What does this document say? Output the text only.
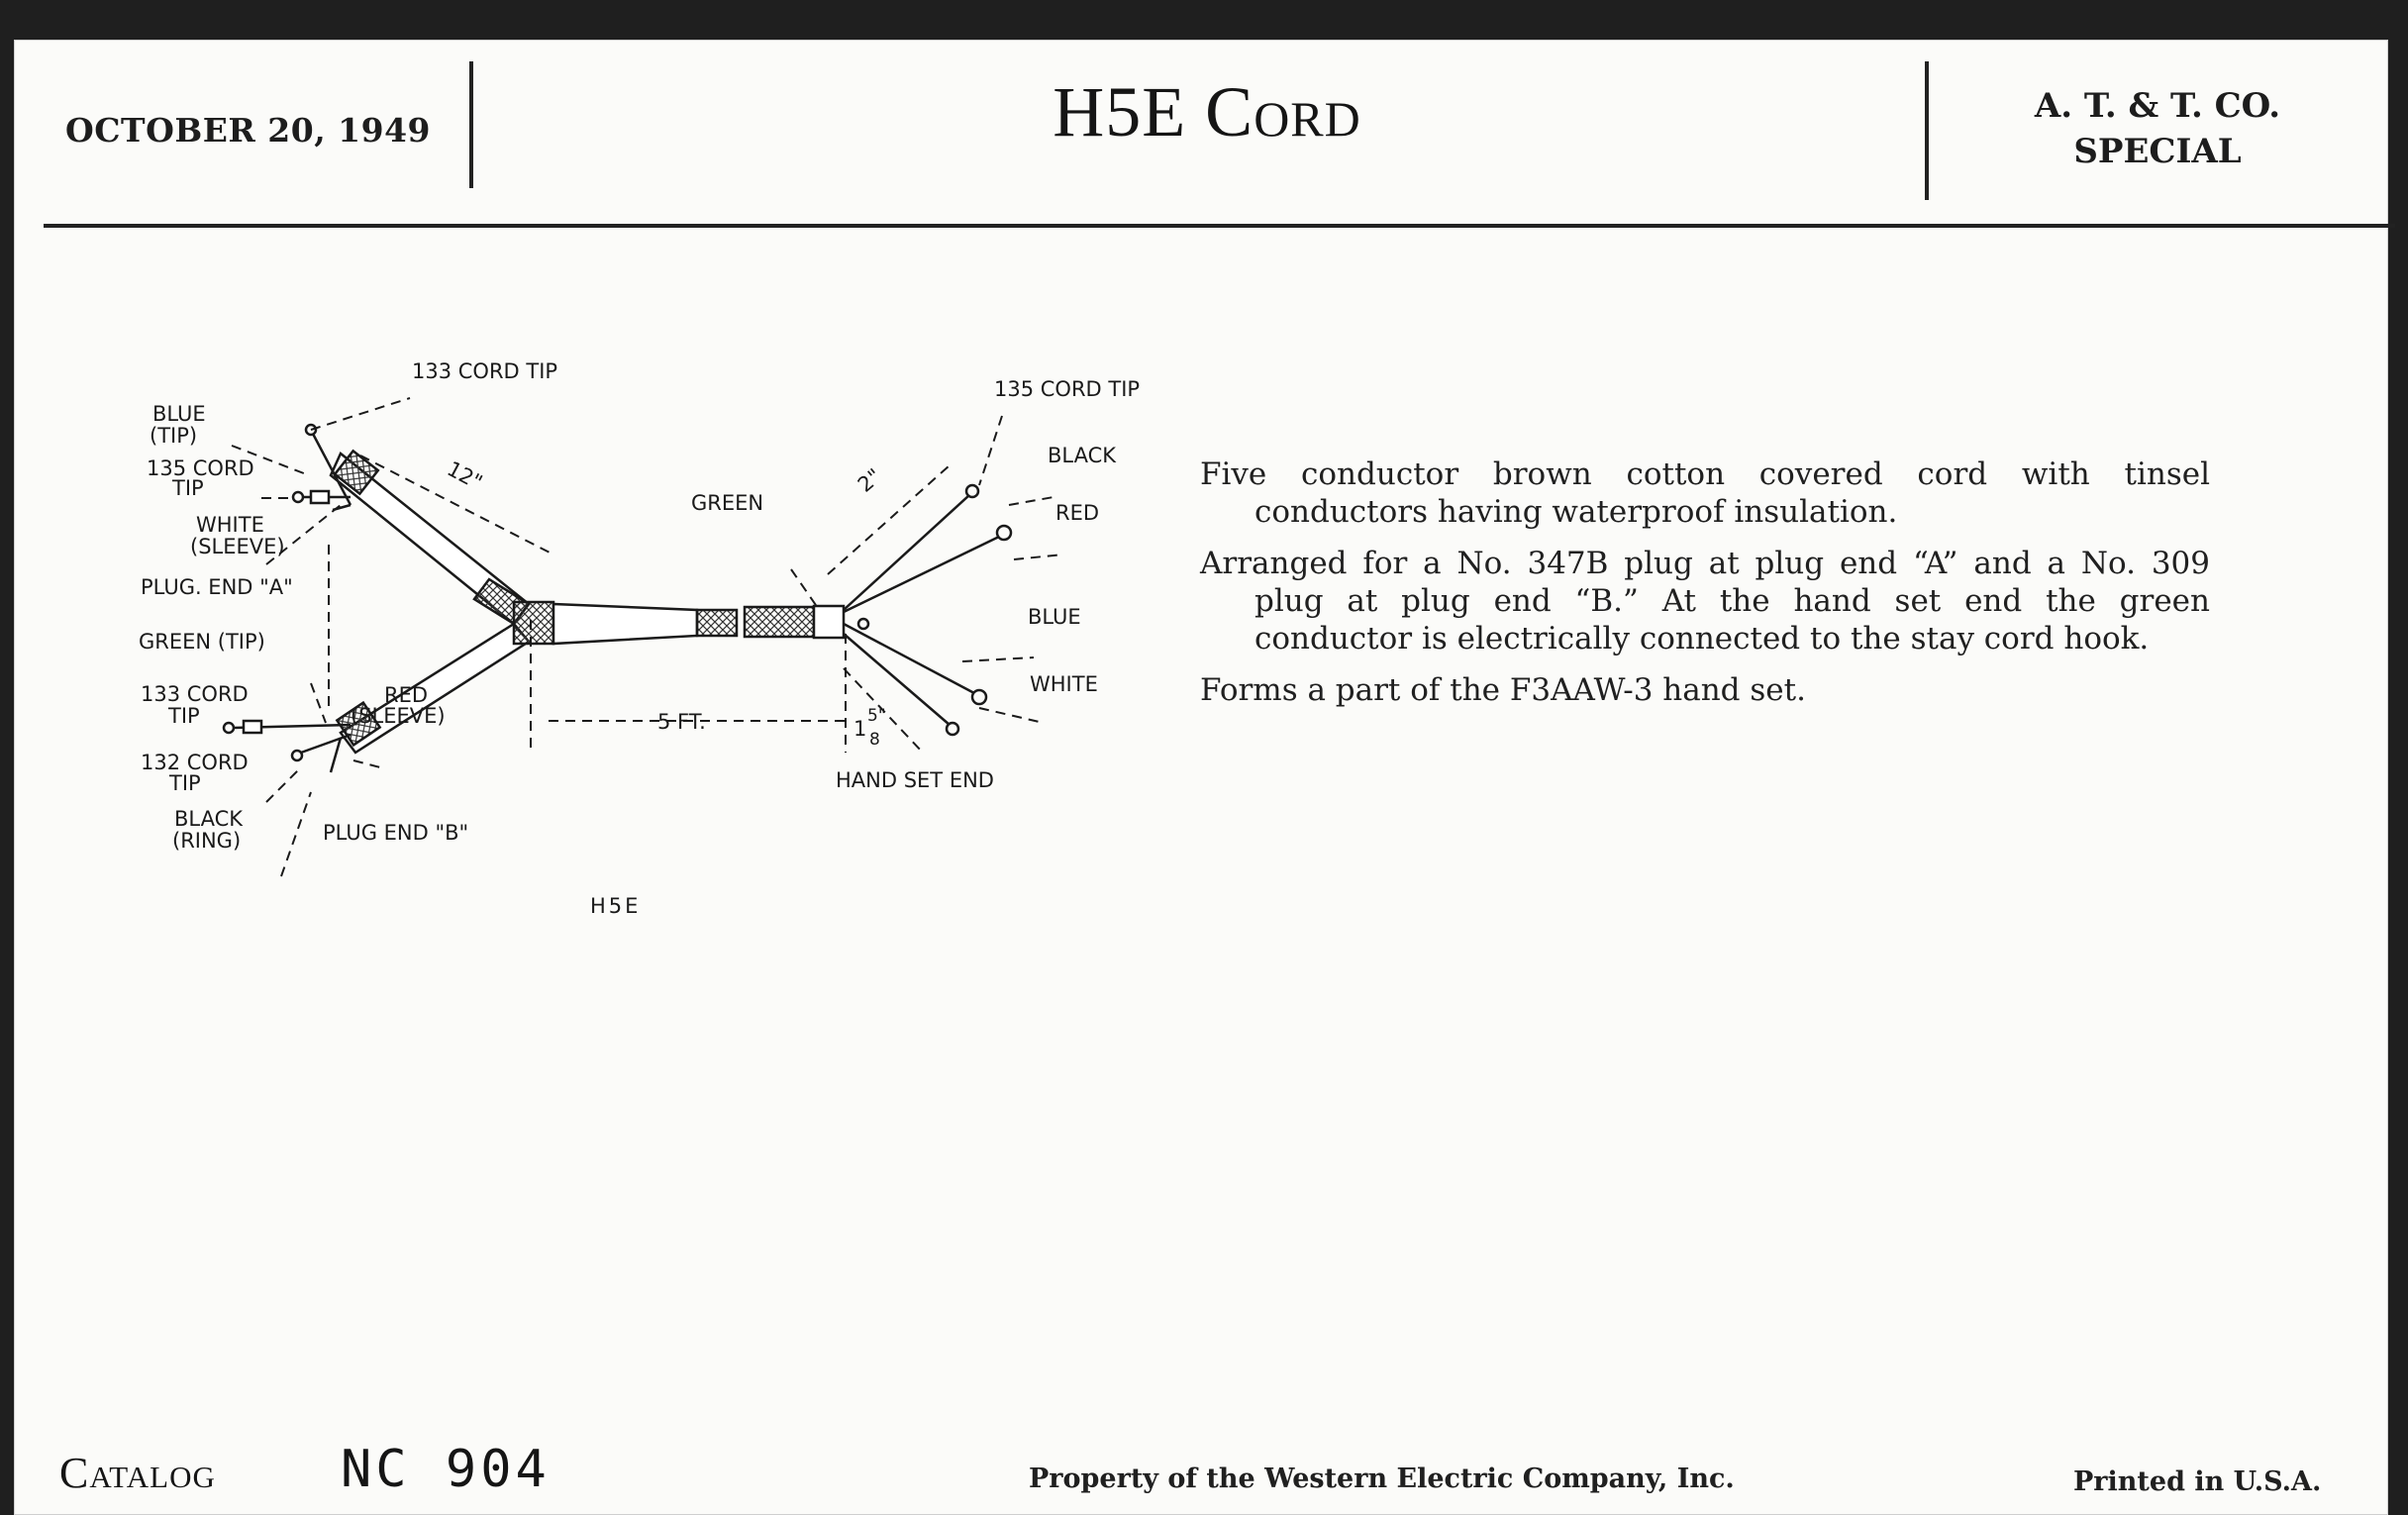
OCTOBER 20, 1949	H5E Cord	A. T. & T. CO.
SPECIAL
133 CORD TIP
BLUE
(TIP)
135 CORD
TIP
WHITE
(SLEEVE)
PLUG. END "A"
GREEN (TIP)
133 CORD
TIP
RED
(SLEEVE)
132 CORD
TIP
BLACK
(RING)	PLUG END "B"
12"
5 FT.
2"
1
5"
8
GREEN
135 CORD TIP
BLACK
RED
BLUE
WHITE
HAND SET END
H5E

Five conductor brown cotton covered cord with tinsel conductors having waterproof insulation.

Arranged for a No. 347B plug at plug end “A” and a No. 309 plug at plug end “B.” At the hand set end the green conductor is electrically connected to the stay cord hook.

Forms a part of the F3AAW-3 hand set.

Catalog NC 904	Property of the Western Electric Company, Inc.	Printed in U.S.A.
